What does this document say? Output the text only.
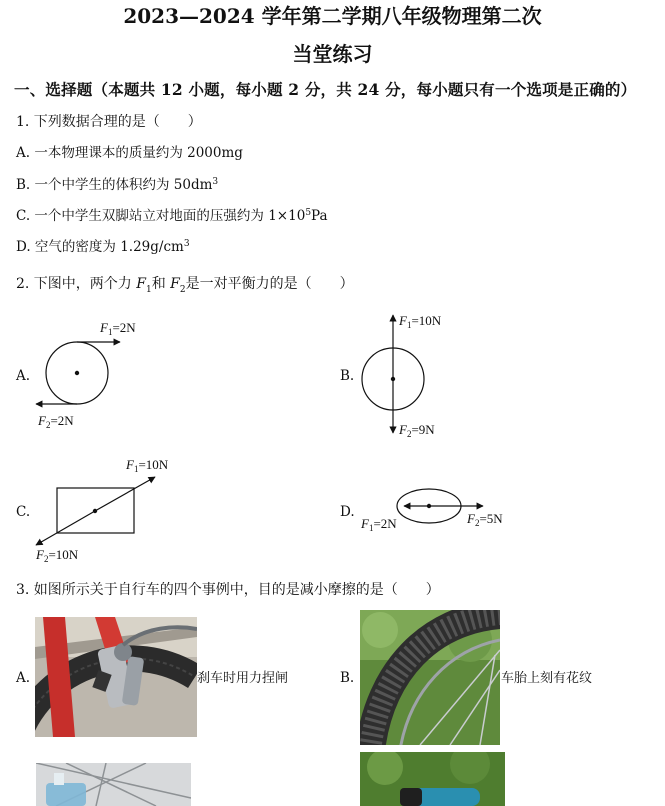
2023—2024 学年第二学期八年级物理第二次
当堂练习
一、选择题（本题共 12 小题，每小题 2 分，共 24 分，每小题只有一个选项是正确的）
1. 下列数据合理的是（　　）
A. 一本物理课本的质量约为 2000mg
B. 一个中学生的体积约为 $50dm^3$
C. 一个中学生双脚站立对地面的压强约为 $1\times 10^5Pa$
D. 空气的密度为 $1.29g/cm^3$
2. 下图中，两个力 $F_1$和 $F_2$是一对平衡力的是（　　）
A.
$F_1=2N$
$F_2=2N$
B.
$F_1=10N$
$F_2=9N$
C.
$F_1=10N$
$F_2=10N$
D.
$F_1=2N$	$F_2=5N$
3. 如图所示关于自行车的四个事例中，目的是减小摩擦的是（　　）
A.	刹车时用力捏闸	B.	车胎上刻有花纹
